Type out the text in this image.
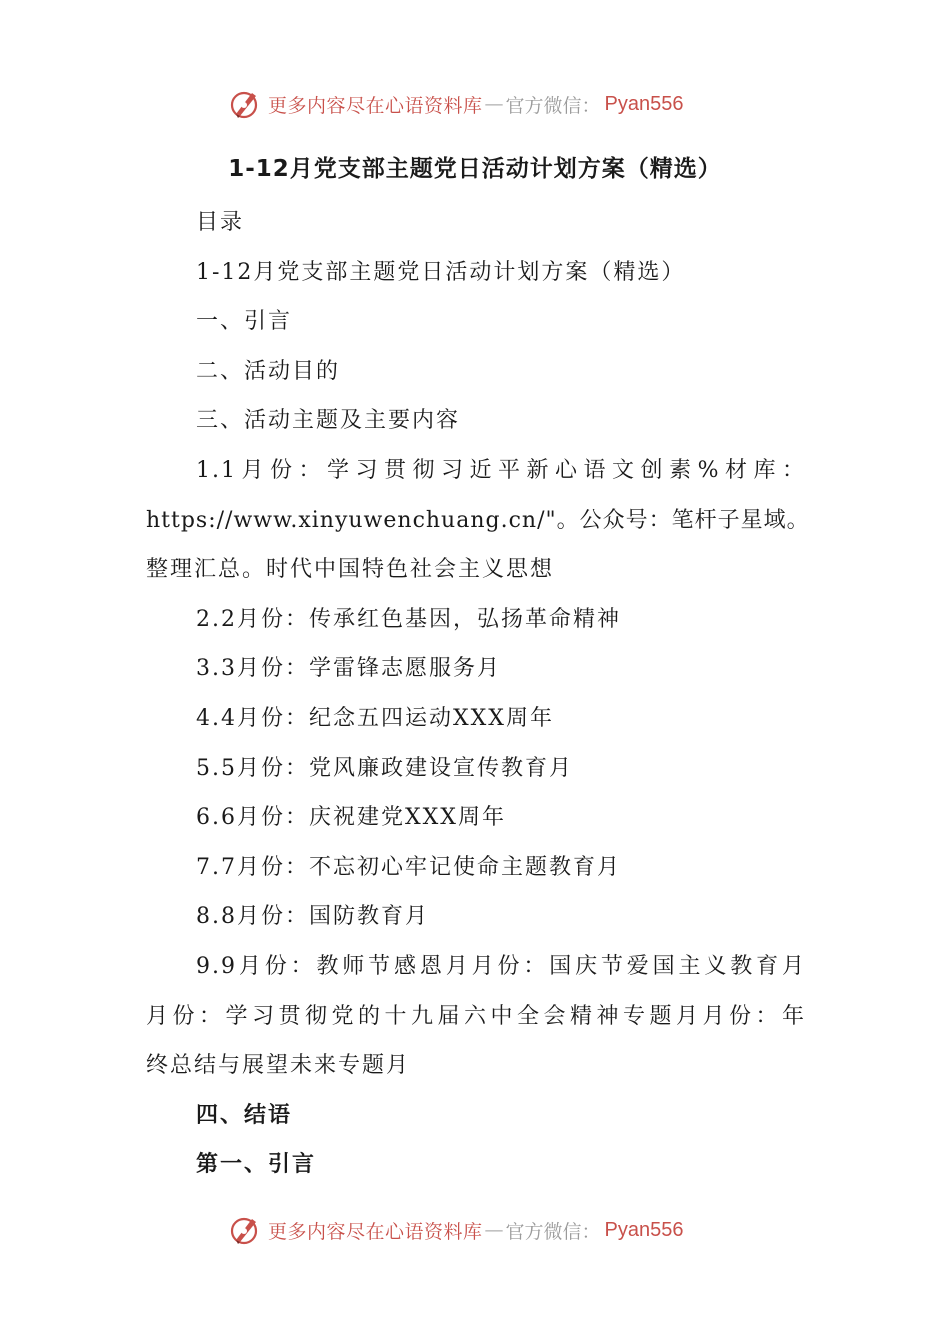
更多内容尽在心语资料库 — 官方微信： Pyan556
1-12月党支部主题党日活动计划方案（精选）
目录
1-12月党支部主题党日活动计划方案（精选）
一、引言
二、活动目的
三、活动主题及主要内容
1.1月份：学习贯彻习近平新心语文创素%材库：
https://www.xinyuwenchuang.cn/"。公众号：笔杆子星域。
整理汇总。时代中国特色社会主义思想
2.2月份：传承红色基因，弘扬革命精神
3.3月份：学雷锋志愿服务月
4.4月份：纪念五四运动XXX周年
5.5月份：党风廉政建设宣传教育月
6.6月份：庆祝建党XXX周年
7.7月份：不忘初心牢记使命主题教育月
8.8月份：国防教育月
9.9月份：教师节感恩月月份：国庆节爱国主义教育月
月份：学习贯彻党的十九届六中全会精神专题月月份：年
终总结与展望未来专题月
四、结语
第一、引言
更多内容尽在心语资料库 — 官方微信： Pyan556
